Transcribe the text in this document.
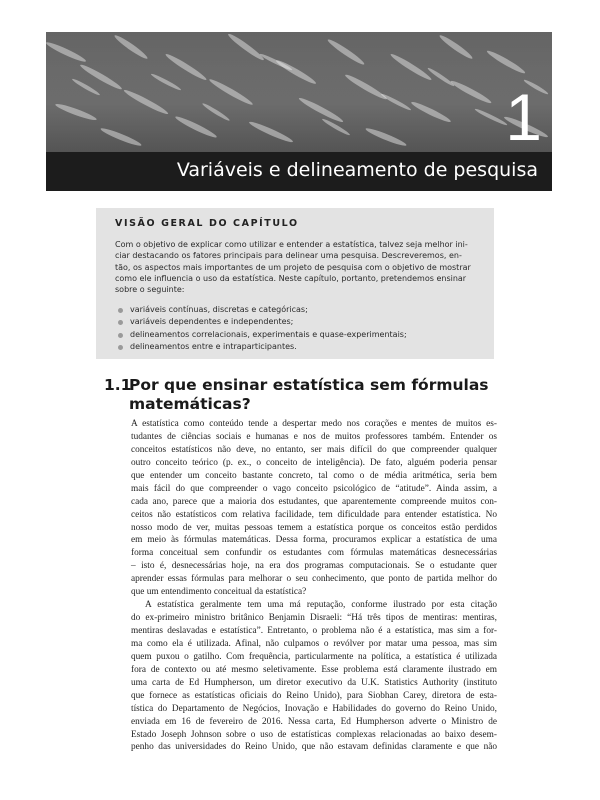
1
Variáveis e delineamento de pesquisa
VISÃO GERAL DO CAPÍTULO
Com o objetivo de explicar como utilizar e entender a estatística, talvez seja melhor ini-
ciar destacando os fatores principais para delinear uma pesquisa. Descreveremos, en-
tão, os aspectos mais importantes de um projeto de pesquisa com o objetivo de mostrar
como ele influencia o uso da estatística. Neste capítulo, portanto, pretendemos ensinar
sobre o seguinte:
variáveis contínuas, discretas e categóricas;
variáveis dependentes e independentes;
delineamentos correlacionais, experimentais e quase-experimentais;
delineamentos entre e intraparticipantes.
1.1
Por que ensinar estatística sem fórmulas
matemáticas?
A estatística como conteúdo tende a despertar medo nos corações e mentes de muitos es-
tudantes de ciências sociais e humanas e nos de muitos professores também. Entender os
conceitos estatísticos não deve, no entanto, ser mais difícil do que compreender qualquer
outro conceito teórico (p. ex., o conceito de inteligência). De fato, alguém poderia pensar
que entender um conceito bastante concreto, tal como o de média aritmética, seria bem
mais fácil do que compreender o vago conceito psicológico de “atitude”. Ainda assim, a
cada ano, parece que a maioria dos estudantes, que aparentemente compreende muitos con-
ceitos não estatísticos com relativa facilidade, tem dificuldade para entender estatística. No
nosso modo de ver, muitas pessoas temem a estatística porque os conceitos estão perdidos
em meio às fórmulas matemáticas. Dessa forma, procuramos explicar a estatística de uma
forma conceitual sem confundir os estudantes com fórmulas matemáticas desnecessárias
– isto é, desnecessárias hoje, na era dos programas computacionais. Se o estudante quer
aprender essas fórmulas para melhorar o seu conhecimento, que ponto de partida melhor do
que um entendimento conceitual da estatística?
A estatística geralmente tem uma má reputação, conforme ilustrado por esta citação
do ex-primeiro ministro britânico Benjamin Disraeli: “Há três tipos de mentiras: mentiras,
mentiras deslavadas e estatística”. Entretanto, o problema não é a estatística, mas sim a for-
ma como ela é utilizada. Afinal, não culpamos o revólver por matar uma pessoa, mas sim
quem puxou o gatilho. Com frequência, particularmente na política, a estatística é utilizada
fora de contexto ou até mesmo seletivamente. Esse problema está claramente ilustrado em
uma carta de Ed Humpherson, um diretor executivo da U.K. Statistics Authority (instituto
que fornece as estatísticas oficiais do Reino Unido), para Siobhan Carey, diretora de esta-
tística do Departamento de Negócios, Inovação e Habilidades do governo do Reino Unido,
enviada em 16 de fevereiro de 2016. Nessa carta, Ed Humpherson adverte o Ministro de
Estado Joseph Johnson sobre o uso de estatísticas complexas relacionadas ao baixo desem-
penho das universidades do Reino Unido, que não estavam definidas claramente e que não
